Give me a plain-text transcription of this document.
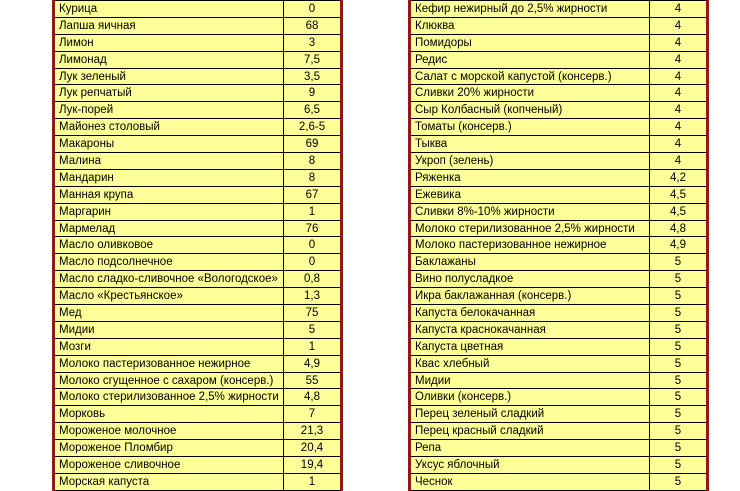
Курица	0
Лапша яичная	68
Лимон	3
Лимонад	7,5
Лук зеленый	3,5
Лук репчатый	9
Лук-порей	6,5
Майонез столовый	2,6-5
Макароны	69
Малина	8
Мандарин	8
Манная крупа	67
Маргарин	1
Мармелад	76
Масло оливковое	0
Масло подсолнечное	0
Масло сладко-сливочное «Вологодское»	0,8
Масло «Крестьянское»	1,3
Мед	75
Мидии	5
Мозги	1
Молоко пастеризованное нежирное	4,9
Молоко сгущенное с сахаром (консерв.)	55
Молоко стерилизованное 2,5% жирности	4,8
Морковь	7
Мороженое молочное	21,3
Мороженое Пломбир	20,4
Мороженое сливочное	19,4
Морская капуста	1
Кефир нежирный до 2,5% жирности	4
Клюква	4
Помидоры	4
Редис	4
Салат с морской капустой (консерв.)	4
Сливки 20% жирности	4
Сыр Колбасный (копченый)	4
Томаты (консерв.)	4
Тыква	4
Укроп (зелень)	4
Ряженка	4,2
Ежевика	4,5
Сливки 8%-10% жирности	4,5
Молоко стерилизованное 2,5% жирности	4,8
Молоко пастеризованное нежирное	4,9
Баклажаны	5
Вино полусладкое	5
Икра баклажанная (консерв.)	5
Капуста белокачанная	5
Капуста краснокачанная	5
Капуста цветная	5
Квас хлебный	5
Мидии	5
Оливки (консерв.)	5
Перец зеленый сладкий	5
Перец красный сладкий	5
Репа	5
Уксус яблочный	5
Чеснок	5
